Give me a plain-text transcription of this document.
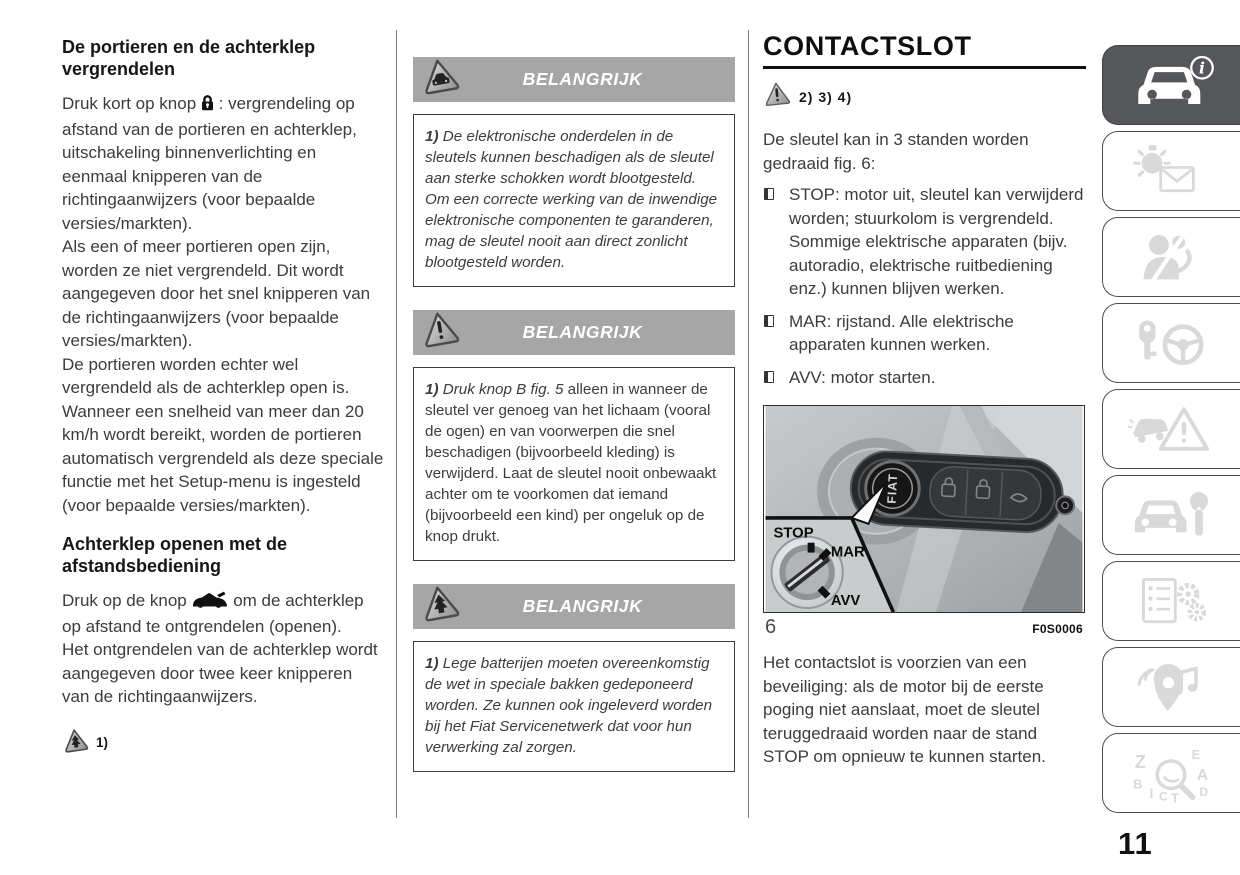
De portieren en de achterklep vergrendelen

Druk kort op knop : vergrendeling op afstand van de portieren en achterklep, uitschakeling binnenverlichting en eenmaal knipperen van de richtingaanwijzers (voor bepaalde versies/markten).

Als een of meer portieren open zijn, worden ze niet vergrendeld. Dit wordt aangegeven door het snel knipperen van de richtingaanwijzers (voor bepaalde versies/markten).

De portieren worden echter wel vergrendeld als de achterklep open is.

Wanneer een snelheid van meer dan 20 km/h wordt bereikt, worden de portieren automatisch vergrendeld als deze speciale functie met het Setup-menu is ingesteld (voor bepaalde versies/markten).

Achterklep openen met de afstandsbediening

Druk op de knop	om de achterklep op afstand te ontgrendelen (openen).

Het ontgrendelen van de achterklep wordt aangegeven door twee keer knipperen van de richtingaanwijzers.

1)
BELANGRIJK
1) De elektronische onderdelen in de sleutels kunnen beschadigen als de sleutel aan sterke schokken wordt blootgesteld. Om een correcte werking van de inwendige elektronische componenten te garanderen, mag de sleutel nooit aan direct zonlicht blootgesteld worden.
BELANGRIJK
1) Druk knop B fig. 5 alleen in wanneer de sleutel ver genoeg van het lichaam (vooral de ogen) en van voorwerpen die snel beschadigen (bijvoorbeeld kleding) is verwijderd. Laat de sleutel nooit onbewaakt achter om te voorkomen dat iemand (bijvoorbeeld een kind) per ongeluk op de knop drukt.
BELANGRIJK
1) Lege batterijen moeten overeenkomstig de wet in speciale bakken gedeponeerd worden. Ze kunnen ook ingeleverd worden bij het Fiat Servicenetwerk dat voor hun verwerking zal zorgen.
CONTACTSLOT
2) 3) 4)

De sleutel kan in 3 standen worden gedraaid fig. 6:

STOP: motor uit, sleutel kan verwijderd worden; stuurkolom is vergrendeld. Sommige elektrische apparaten (bijv. autoradio, elektrische ruitbediening enz.) kunnen blijven werken.
MAR: rijstand. Alle elektrische apparaten kunnen werken.
AVV: motor starten.
FIAT
STOP
MAR
AVV
6	F0S0006

Het contactslot is voorzien van een beveiliging: als de motor bij de eerste poging niet aanslaat, moet de sleutel teruggedraaid worden naar de stand STOP om opnieuw te kunnen starten.

i
Z	E
B
A
I C T D
11
